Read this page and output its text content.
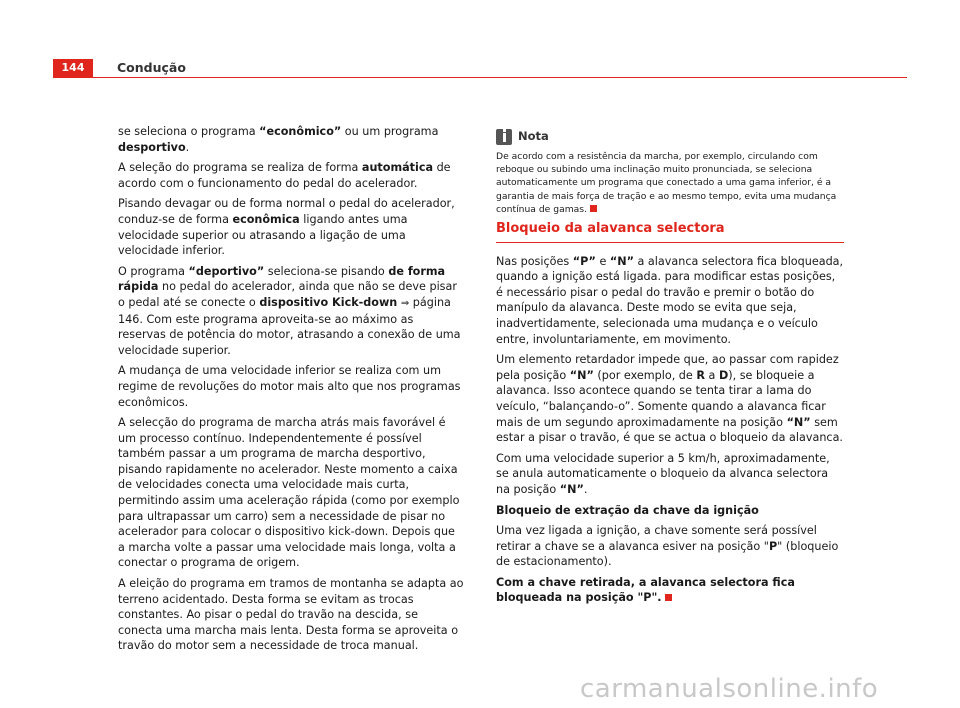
144	Condução

se seleciona o programa “econômico” ou um programa desportivo.

A seleção do programa se realiza de forma automática de acordo com o funcionamento do pedal do acelerador.

Pisando devagar ou de forma normal o pedal do acelerador, conduz-se de forma econômica ligando antes uma velocidade superior ou atrasando a ligação de uma velocidade inferior.

O programa “deportivo” seleciona-se pisando de forma rápida no pedal do acelerador, ainda que não se deve pisar o pedal até se conecte o dispositivo Kick-down ⇒ página 146. Com este programa aproveita-se ao máximo as reservas de potência do motor, atrasando a conexão de uma velocidade superior.

A mudança de uma velocidade inferior se realiza com um regime de revoluções do motor mais alto que nos programas econômicos.

A selecção do programa de marcha atrás mais favorável é um processo contínuo. Independentemente é possível também passar a um programa de marcha desportivo, pisando rapidamente no acelerador. Neste momento a caixa de velocidades conecta uma velocidade mais curta, permitindo assim uma aceleração rápida (como por exemplo para ultrapassar um carro) sem a necessidade de pisar no acelerador para colocar o dispositivo kick-down. Depois que a marcha volte a passar uma velocidade mais longa, volta a conectar o programa de origem.

A eleição do programa em tramos de montanha se adapta ao terreno acidentado. Desta forma se evitam as trocas constantes. Ao pisar o pedal do travão na descida, se conecta uma marcha mais lenta. Desta forma se aproveita o travão do motor sem a necessidade de troca manual.

Nota

De acordo com a resistência da marcha, por exemplo, circulando com reboque ou subindo uma inclinação muito pronunciada, se seleciona automaticamente um programa que conectado a uma gama inferior, é a garantia de mais força de tração e ao mesmo tempo, evita uma mudança contínua de gamas.

Bloqueio da alavanca selectora

Nas posições “P” e “N” a alavanca selectora fica bloqueada, quando a ignição está ligada. para modificar estas posições, é necessário pisar o pedal do travão e premir o botão do manípulo da alavanca. Deste modo se evita que seja, inadvertidamente, selecionada uma mudança e o veículo entre, involuntariamente, em movimento.

Um elemento retardador impede que, ao passar com rapidez pela posição “N” (por exemplo, de R a D), se bloqueie a alavanca. Isso acontece quando se tenta tirar a lama do veículo, “balançando-o”. Somente quando a alavanca ficar mais de um segundo aproximadamente na posição “N” sem estar a pisar o travão, é que se actua o bloqueio da alavanca.

Com uma velocidade superior a 5 km/h, aproximadamente, se anula automaticamente o bloqueio da alvanca selectora na posição “N”.

Bloqueio de extração da chave da ignição

Uma vez ligada a ignição, a chave somente será possível retirar a chave se a alavanca esiver na posição "P" (bloqueio de estacionamento).

Com a chave retirada, a alavanca selectora fica bloqueada na posição "P".

carmanualsonline.info
